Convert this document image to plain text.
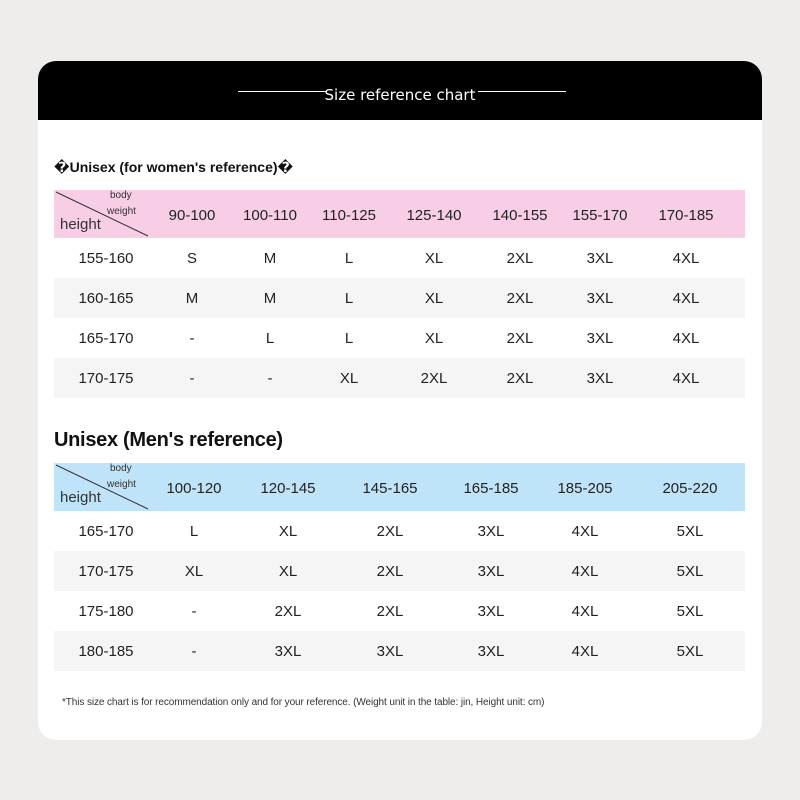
Size reference chart
�Unisex (for women's reference)�
body
weight
height
90-100 100-110 110-125 125-140 140-155 155-170 170-185
155-160	S	M	L	XL	2XL	3XL	4XL
160-165	M	M	L	XL	2XL	3XL	4XL
165-170	-	L	L	XL	2XL	3XL	4XL
170-175	-	-	XL	2XL	2XL	3XL	4XL
Unisex (Men's reference)
body
weight
height
100-120	120-145	145-165	165-185	185-205	205-220
165-170	L	XL	2XL	3XL	4XL	5XL
170-175	XL	XL	2XL	3XL	4XL	5XL
175-180	-	2XL	2XL	3XL	4XL	5XL
180-185	-	3XL	3XL	3XL	4XL	5XL
*This size chart is for recommendation only and for your reference. (Weight unit in the table: jin, Height unit: cm)
